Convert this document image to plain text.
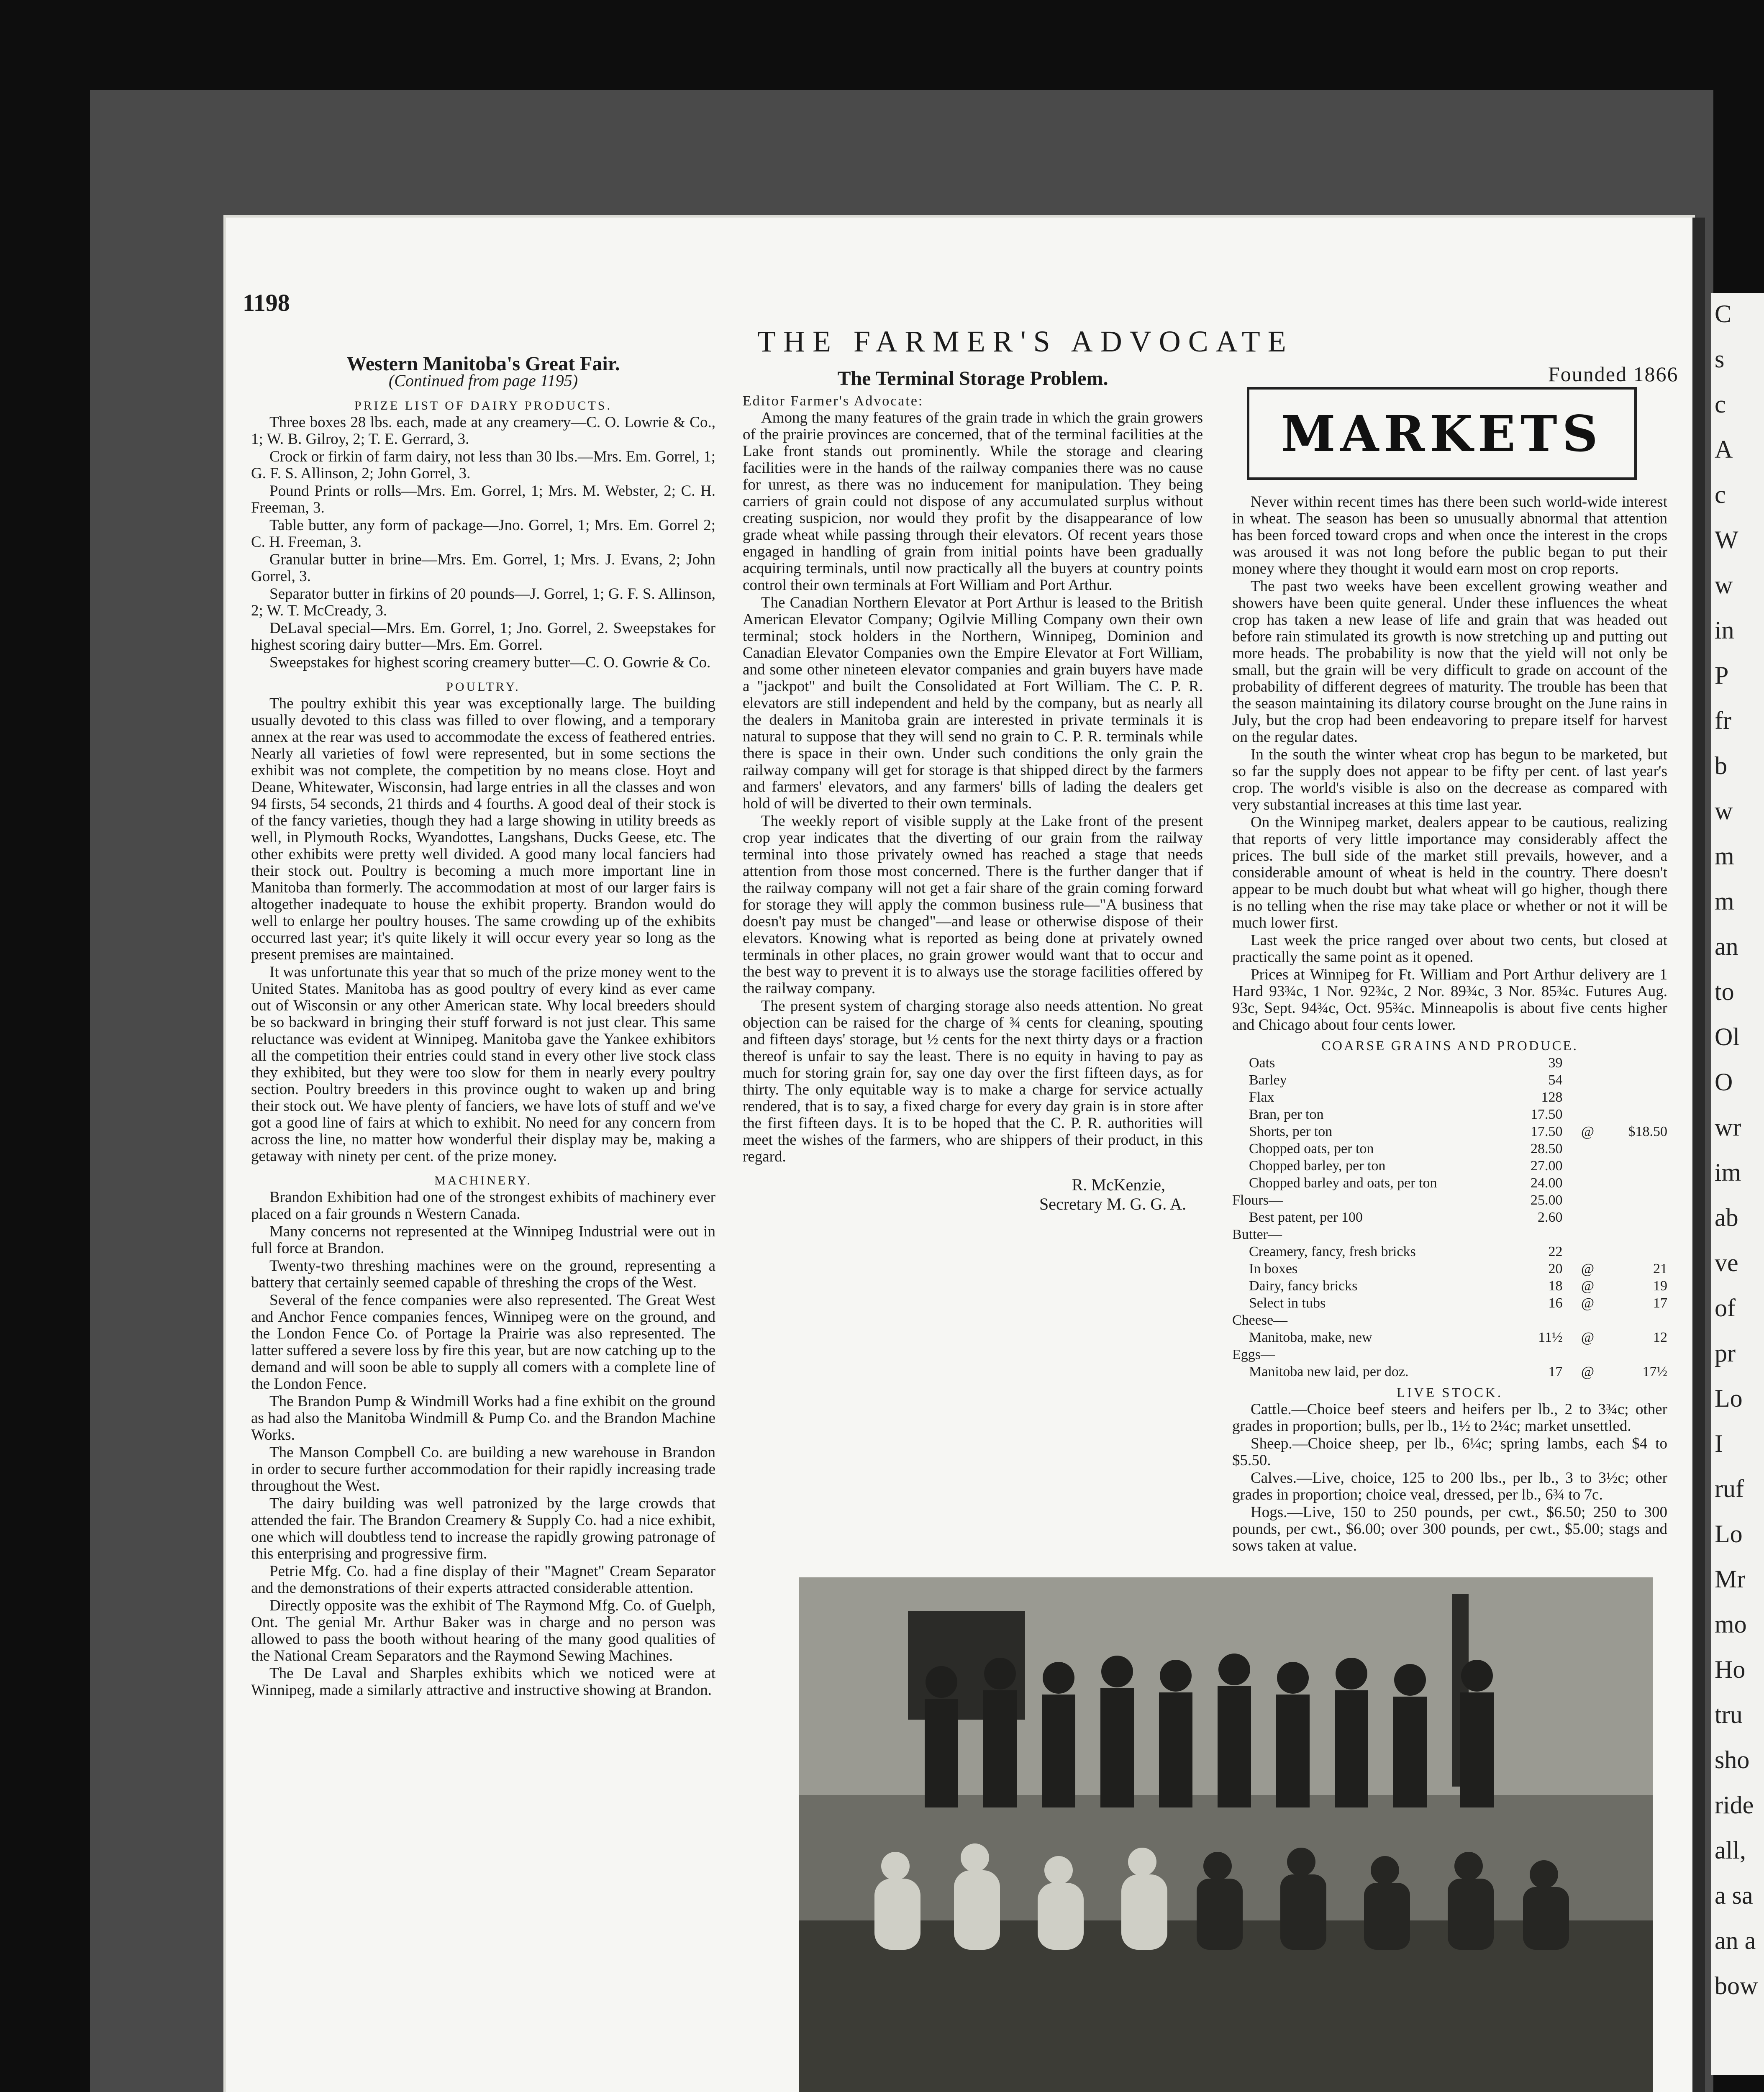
C
s
c
A
c
W
w
in
P
fr
b
w
m
m
an
to
Ol
O
wr
im
ab
ve
of
pr
Lo
I
ruf
Lo
Mr
mo
Ho
tru
sho
ride
all,
a sa
an a
bow
1198
THE FARMER'S ADVOCATE
Founded 1866
Western Manitoba's Great Fair.
(Continued from page 1195)
PRIZE LIST OF DAIRY PRODUCTS.

Three boxes 28 lbs. each, made at any creamery—C. O. Lowrie & Co., 1; W. B. Gilroy, 2; T. E. Gerrard, 3.

Crock or firkin of farm dairy, not less than 30 lbs.—Mrs. Em. Gorrel, 1; G. F. S. Allinson, 2; John Gorrel, 3.

Pound Prints or rolls—Mrs. Em. Gorrel, 1; Mrs. M. Webster, 2; C. H. Freeman, 3.

Table butter, any form of package—Jno. Gorrel, 1; Mrs. Em. Gorrel 2; C. H. Freeman, 3.

Granular butter in brine—Mrs. Em. Gorrel, 1; Mrs. J. Evans, 2; John Gorrel, 3.

Separator butter in firkins of 20 pounds—J. Gorrel, 1; G. F. S. Allinson, 2; W. T. McCready, 3.

DeLaval special—Mrs. Em. Gorrel, 1; Jno. Gorrel, 2. Sweepstakes for highest scoring dairy butter—Mrs. Em. Gorrel.

Sweepstakes for highest scoring creamery butter—C. O. Gowrie & Co.

POULTRY.

The poultry exhibit this year was exceptionally large. The building usually devoted to this class was filled to over flowing, and a temporary annex at the rear was used to accommodate the excess of feathered entries. Nearly all varieties of fowl were represented, but in some sections the exhibit was not complete, the competition by no means close. Hoyt and Deane, Whitewater, Wisconsin, had large entries in all the classes and won 94 firsts, 54 seconds, 21 thirds and 4 fourths. A good deal of their stock is of the fancy varieties, though they had a large showing in utility breeds as well, in Plymouth Rocks, Wyandottes, Langshans, Ducks Geese, etc. The other exhibits were pretty well divided. A good many local fanciers had their stock out. Poultry is becoming a much more important line in Manitoba than formerly. The accommodation at most of our larger fairs is altogether inadequate to house the exhibit property. Brandon would do well to enlarge her poultry houses. The same crowding up of the exhibits occurred last year; it's quite likely it will occur every year so long as the present premises are maintained.

It was unfortunate this year that so much of the prize money went to the United States. Manitoba has as good poultry of every kind as ever came out of Wisconsin or any other American state. Why local breeders should be so backward in bringing their stuff forward is not just clear. This same reluctance was evident at Winnipeg. Manitoba gave the Yankee exhibitors all the competition their entries could stand in every other live stock class they exhibited, but they were too slow for them in nearly every poultry section. Poultry breeders in this province ought to waken up and bring their stock out. We have plenty of fanciers, we have lots of stuff and we've got a good line of fairs at which to exhibit. No need for any concern from across the line, no matter how wonderful their display may be, making a getaway with ninety per cent. of the prize money.

MACHINERY.

Brandon Exhibition had one of the strongest exhibits of machinery ever placed on a fair grounds n Western Canada.

Many concerns not represented at the Winnipeg Industrial were out in full force at Brandon.

Twenty-two threshing machines were on the ground, representing a battery that certainly seemed capable of threshing the crops of the West.

Several of the fence companies were also represented. The Great West and Anchor Fence companies fences, Winnipeg were on the ground, and the London Fence Co. of Portage la Prairie was also represented. The latter suffered a severe loss by fire this year, but are now catching up to the demand and will soon be able to supply all comers with a complete line of the London Fence.

The Brandon Pump & Windmill Works had a fine exhibit on the ground as had also the Manitoba Windmill & Pump Co. and the Brandon Machine Works.

The Manson Compbell Co. are building a new warehouse in Brandon in order to secure further accommodation for their rapidly increasing trade throughout the West.

The dairy building was well patronized by the large crowds that attended the fair. The Brandon Creamery & Supply Co. had a nice exhibit, one which will doubtless tend to increase the rapidly growing patronage of this enterprising and progressive firm.

Petrie Mfg. Co. had a fine display of their "Magnet" Cream Separator and the demonstrations of their experts attracted considerable attention.

Directly opposite was the exhibit of The Raymond Mfg. Co. of Guelph, Ont. The genial Mr. Arthur Baker was in charge and no person was allowed to pass the booth without hearing of the many good qualities of the National Cream Separators and the Raymond Sewing Machines.

The De Laval and Sharples exhibits which we noticed were at Winnipeg, made a similarly attractive and instructive showing at Brandon.

The Terminal Storage Problem.
Editor Farmer's Advocate:

Among the many features of the grain trade in which the grain growers of the prairie provinces are concerned, that of the terminal facilities at the Lake front stands out prominently. While the storage and clearing facilities were in the hands of the railway companies there was no cause for unrest, as there was no inducement for manipulation. They being carriers of grain could not dispose of any accumulated surplus without creating suspicion, nor would they profit by the disappearance of low grade wheat while passing through their elevators. Of recent years those engaged in handling of grain from initial points have been gradually acquiring terminals, until now practically all the buyers at country points control their own terminals at Fort William and Port Arthur.

The Canadian Northern Elevator at Port Arthur is leased to the British American Elevator Company; Ogilvie Milling Company own their own terminal; stock holders in the Northern, Winnipeg, Dominion and Canadian Elevator Companies own the Empire Elevator at Fort William, and some other nineteen elevator companies and grain buyers have made a "jackpot" and built the Consolidated at Fort William. The C. P. R. elevators are still independent and held by the company, but as nearly all the dealers in Manitoba grain are interested in private terminals it is natural to suppose that they will send no grain to C. P. R. terminals while there is space in their own. Under such conditions the only grain the railway company will get for storage is that shipped direct by the farmers and farmers' elevators, and any farmers' bills of lading the dealers get hold of will be diverted to their own terminals.

The weekly report of visible supply at the Lake front of the present crop year indicates that the diverting of our grain from the railway terminal into those privately owned has reached a stage that needs attention from those most concerned. There is the further danger that if the railway company will not get a fair share of the grain coming forward for storage they will apply the common business rule—"A business that doesn't pay must be changed"—and lease or otherwise dispose of their elevators. Knowing what is reported as being done at privately owned terminals in other places, no grain grower would want that to occur and the best way to prevent it is to always use the storage facilities offered by the railway company.

The present system of charging storage also needs attention. No great objection can be raised for the charge of ¾ cents for cleaning, spouting and fifteen days' storage, but ½ cents for the next thirty days or a fraction thereof is unfair to say the least. There is no equity in having to pay as much for storing grain for, say one day over the first fifteen days, as for thirty. The only equitable way is to make a charge for service actually rendered, that is to say, a fixed charge for every day grain is in store after the first fifteen days. It is to be hoped that the C. P. R. authorities will meet the wishes of the farmers, who are shippers of their product, in this regard.

R. McKenzie,
Secretary M. G. G. A.
MARKETS

Never within recent times has there been such world-wide interest in wheat. The season has been so unusually abnormal that attention has been forced toward crops and when once the interest in the crops was aroused it was not long before the public began to put their money where they thought it would earn most on crop reports.

The past two weeks have been excellent growing weather and showers have been quite general. Under these influences the wheat crop has taken a new lease of life and grain that was headed out before rain stimulated its growth is now stretching up and putting out more heads. The probability is now that the yield will not only be small, but the grain will be very difficult to grade on account of the probability of different degrees of maturity. The trouble has been that the season maintaining its dilatory course brought on the June rains in July, but the crop had been endeavoring to prepare itself for harvest on the regular dates.

In the south the winter wheat crop has begun to be marketed, but so far the supply does not appear to be fifty per cent. of last year's crop. The world's visible is also on the decrease as compared with very substantial increases at this time last year.

On the Winnipeg market, dealers appear to be cautious, realizing that reports of very little importance may considerably affect the prices. The bull side of the market still prevails, however, and a considerable amount of wheat is held in the country. There doesn't appear to be much doubt but what wheat will go higher, though there is no telling when the rise may take place or whether or not it will be much lower first.

Last week the price ranged over about two cents, but closed at practically the same point as it opened.

Prices at Winnipeg for Ft. William and Port Arthur delivery are 1 Hard 93¾c, 1 Nor. 92¾c, 2 Nor. 89¾c, 3 Nor. 85¾c. Futures Aug. 93c, Sept. 94¾c, Oct. 95¾c. Minneapolis is about five cents higher and Chicago about four cents lower.

COARSE GRAINS AND PRODUCE.
Oats	39		
Barley	54		
Flax	128		
Bran, per ton	17.50		
Shorts, per ton	17.50	@	$18.50
Chopped oats, per ton	28.50		
Chopped barley, per ton	27.00		
Chopped barley and oats, per ton	24.00		
Flours—	25.00		
Best patent, per 100	2.60		
Butter—			
Creamery, fancy, fresh bricks	22		
In boxes	20	@	21
Dairy, fancy bricks	18	@	19
Select in tubs	16	@	17
Cheese—			
Manitoba, make, new	11½	@	12
Eggs—			
Manitoba new laid, per doz.	17	@	17½
LIVE STOCK.

Cattle.—Choice beef steers and heifers per lb., 2 to 3¾c; other grades in proportion; bulls, per lb., 1½ to 2¼c; market unsettled.

Sheep.—Choice sheep, per lb., 6¼c; spring lambs, each $4 to $5.50.

Calves.—Live, choice, 125 to 200 lbs., per lb., 3 to 3½c; other grades in proportion; choice veal, dressed, per lb., 6¾ to 7c.

Hogs.—Live, 150 to 250 pounds, per cwt., $6.50; 250 to 300 pounds, per cwt., $6.00; over 300 pounds, per cwt., $5.00; stags and sows taken at value.
